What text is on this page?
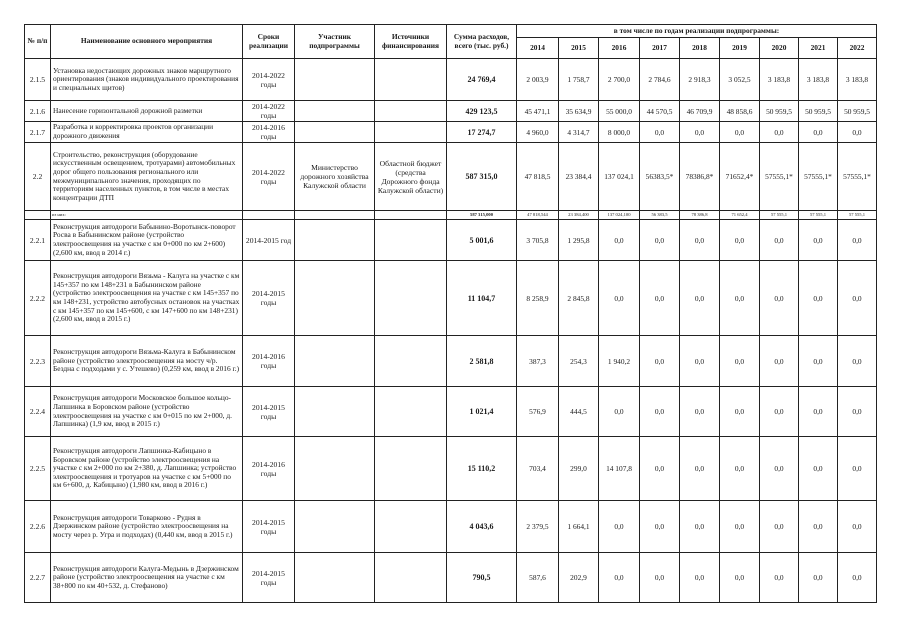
№ п/п	Наименование основного мероприятия	Сроки реализации	Участник подпрограммы	Источники финансирования	Сумма расходов, всего (тыс. руб.)	в том числе по годам реализации подпрограммы:								
						2014	2015	2016	2017	2018	2019	2020	2021	2022
2.1.5	Установка недостающих дорожных знаков маршрутного ориентирования (знаков индивидуального проектирования и специальных щитов)	2014-2022 годы			24 769,4	2 003,9	1 758,7	2 700,0	2 784,6	2 918,3	3 052,5	3 183,8	3 183,8	3 183,8
2.1.6	Нанесение горизонтальной дорожной разметки	2014-2022 годы			429 123,5	45 471,1	35 634,9	55 000,0	44 570,5	46 709,9	48 858,6	50 959,5	50 959,5	50 959,5
2.1.7	Разработка и корректировка проектов организации дорожного движения	2014-2016 годы			17 274,7	4 960,0	4 314,7	8 000,0	0,0	0,0	0,0	0,0	0,0	0,0
2.2	Строительство, реконструкция (оборудование искусственным освещением, тротуарами) автомобильных дорог общего пользования регионального или межмуниципального значения, проходящих по территориям населенных пунктов, в том числе в местах концентрации ДТП	2014-2022 годы	Министерство дорожного хозяйства Калужской области	Областной бюджет (средства Дорожного фонда Калужской области)	587 315,0	47 818,5	23 384,4	137 024,1	56383,5*	78386,8*	71652,4*	57555,1*	57555,1*	57555,1*
	из них:				587 315,000	47 818,544	23 384,400	137 024,100	56 383,5	78 386,8	71 652,4	57 555,1	57 555,1	57 555,1
2.2.1	Реконструкция автодороги Бабынино-Воротынск-поворот Росва в Бабынинском районе (устройство электроосвещения на участке с км 0+000 по км 2+600) (2,600 км, ввод в 2014 г.)	2014-2015 год			5 001,6	3 705,8	1 295,8	0,0	0,0	0,0	0,0	0,0	0,0	0,0
2.2.2	Реконструкция автодороги Вязьма - Калуга на участке с км 145+357 по км 148+231 в Бабынинском районе (устройство электроосвещения на участке с км 145+357 по км 148+231, устройство автобусных остановок на участках с км 145+357 по км 145+600, с км 147+600 по км 148+231) (2,600 км, ввод в 2015 г.)	2014-2015 годы			11 104,7	8 258,9	2 845,8	0,0	0,0	0,0	0,0	0,0	0,0	0,0
2.2.3	Реконструкция автодороги Вязьма-Калуга в Бабынинском районе (устройство электроосвещения на мосту ч/р. Бездна с подходами у с. Утешево) (0,259 км, ввод в 2016 г.)	2014-2016 годы			2 581,8	387,3	254,3	1 940,2	0,0	0,0	0,0	0,0	0,0	0,0
2.2.4	Реконструкция автодороги Московское большое кольцо-Лапшинка в Боровском районе (устройство электроосвещения на участке с км 0+015 по км 2+000, д. Лапшинка) (1,9 км, ввод в 2015 г.)	2014-2015 годы			1 021,4	576,9	444,5	0,0	0,0	0,0	0,0	0,0	0,0	0,0
2.2.5	Реконструкция автодороги Лапшинка-Кабицыно в Боровском районе (устройство электроосвещения на участке с км 2+000 по км 2+380, д. Лапшинка; устройство электроосвещения и тротуаров на участке с км 5+000 по км 6+600, д. Кабицыно) (1,980 км, ввод в 2016 г.)	2014-2016 годы			15 110,2	703,4	299,0	14 107,8	0,0	0,0	0,0	0,0	0,0	0,0
2.2.6	Реконструкция автодороги Товарково - Рудня в Дзержинском районе (устройство электроосвещения на мосту через р. Угра и подходах) (0,440 км, ввод в 2015 г.)	2014-2015 годы			4 043,6	2 379,5	1 664,1	0,0	0,0	0,0	0,0	0,0	0,0	0,0
2.2.7	Реконструкция автодороги Калуга-Медынь в Дзержинском районе (устройство электроосвещения на участке с км 38+800 по км 40+532, д. Стефаново)	2014-2015 годы			790,5	587,6	202,9	0,0	0,0	0,0	0,0	0,0	0,0	0,0
